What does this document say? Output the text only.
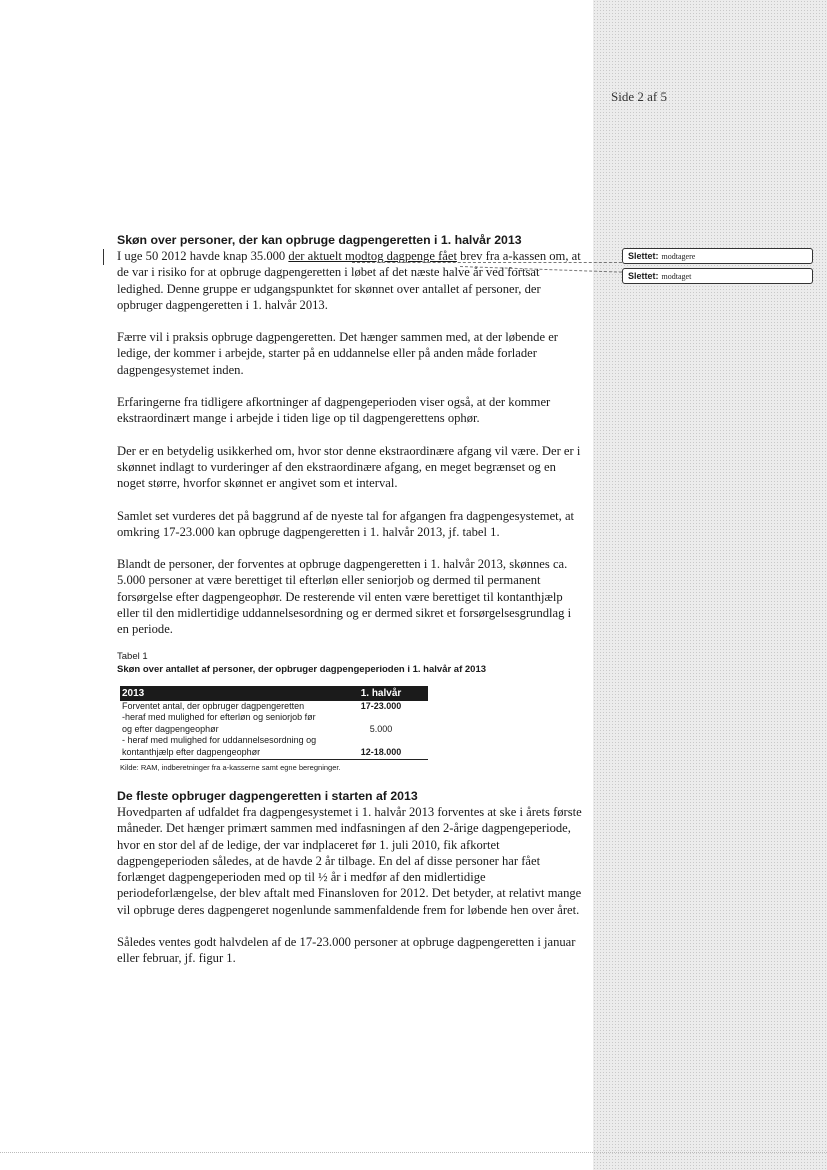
Side 2 af 5
Slettet: modtagere
Slettet: modtaget
Skøn over personer, der kan opbruge dagpengeretten i 1. halvår 2013

I uge 50 2012 havde knap 35.000 der aktuelt modtog dagpenge fået brev fra a-kassen om, at de var i risiko for at opbruge dagpengeretten i løbet af det næste halve år ved fortsat ledighed. Denne gruppe er udgangspunktet for skønnet over antallet af personer, der opbruger dagpengeretten i 1. halvår 2013.

Færre vil i praksis opbruge dagpengeretten. Det hænger sammen med, at der løbende er ledige, der kommer i arbejde, starter på en uddannelse eller på anden måde forlader dagpengesystemet inden.

Erfaringerne fra tidligere afkortninger af dagpengeperioden viser også, at der kommer ekstraordinært mange i arbejde i tiden lige op til dagpengerettens ophør.

Der er en betydelig usikkerhed om, hvor stor denne ekstraordinære afgang vil være. Der er i skønnet indlagt to vurderinger af den ekstraordinære afgang, en meget begrænset og en noget større, hvorfor skønnet er angivet som et interval.

Samlet set vurderes det på baggrund af de nyeste tal for afgangen fra dagpengesystemet, at omkring 17-23.000 kan opbruge dagpengeretten i 1. halvår 2013, jf. tabel 1.

Blandt de personer, der forventes at opbruge dagpengeretten i 1. halvår 2013, skønnes ca. 5.000 personer at være berettiget til efterløn eller seniorjob og dermed til permanent forsørgelse efter dagpengeophør. De resterende vil enten være berettiget til kontanthjælp eller til den midlertidige uddannelsesordning og er dermed sikret et forsørgelsesgrundlag i en periode.

Tabel 1
Skøn over antallet af personer, der opbruger dagpengeperioden i 1. halvår af 2013
2013	1. halvår
Forventet antal, der opbruger dagpengeretten	17-23.000
-heraf med mulighed for efterløn og seniorjob før	
og efter dagpengeophør	5.000
- heraf med mulighed for uddannelsesordning og	
kontanthjælp efter dagpengeophør	12-18.000
Kilde: RAM, indberetninger fra a-kasserne samt egne beregninger.
De fleste opbruger dagpengeretten i starten af 2013

Hovedparten af udfaldet fra dagpengesystemet i 1. halvår 2013 forventes at ske i årets første måneder. Det hænger primært sammen med indfasningen af den 2-årige dagpengeperiode, hvor en stor del af de ledige, der var indplaceret før 1. juli 2010, fik afkortet dagpengeperioden således, at de havde 2 år tilbage. En del af disse personer har fået forlænget dagpengeperioden med op til ½ år i medfør af den midlertidige periodeforlængelse, der blev aftalt med Finansloven for 2012. Det betyder, at relativt mange vil opbruge deres dagpengeret nogenlunde sammenfaldende frem for løbende hen over året.

Således ventes godt halvdelen af de 17-23.000 personer at opbruge dagpengeretten i januar eller februar, jf. figur 1.
